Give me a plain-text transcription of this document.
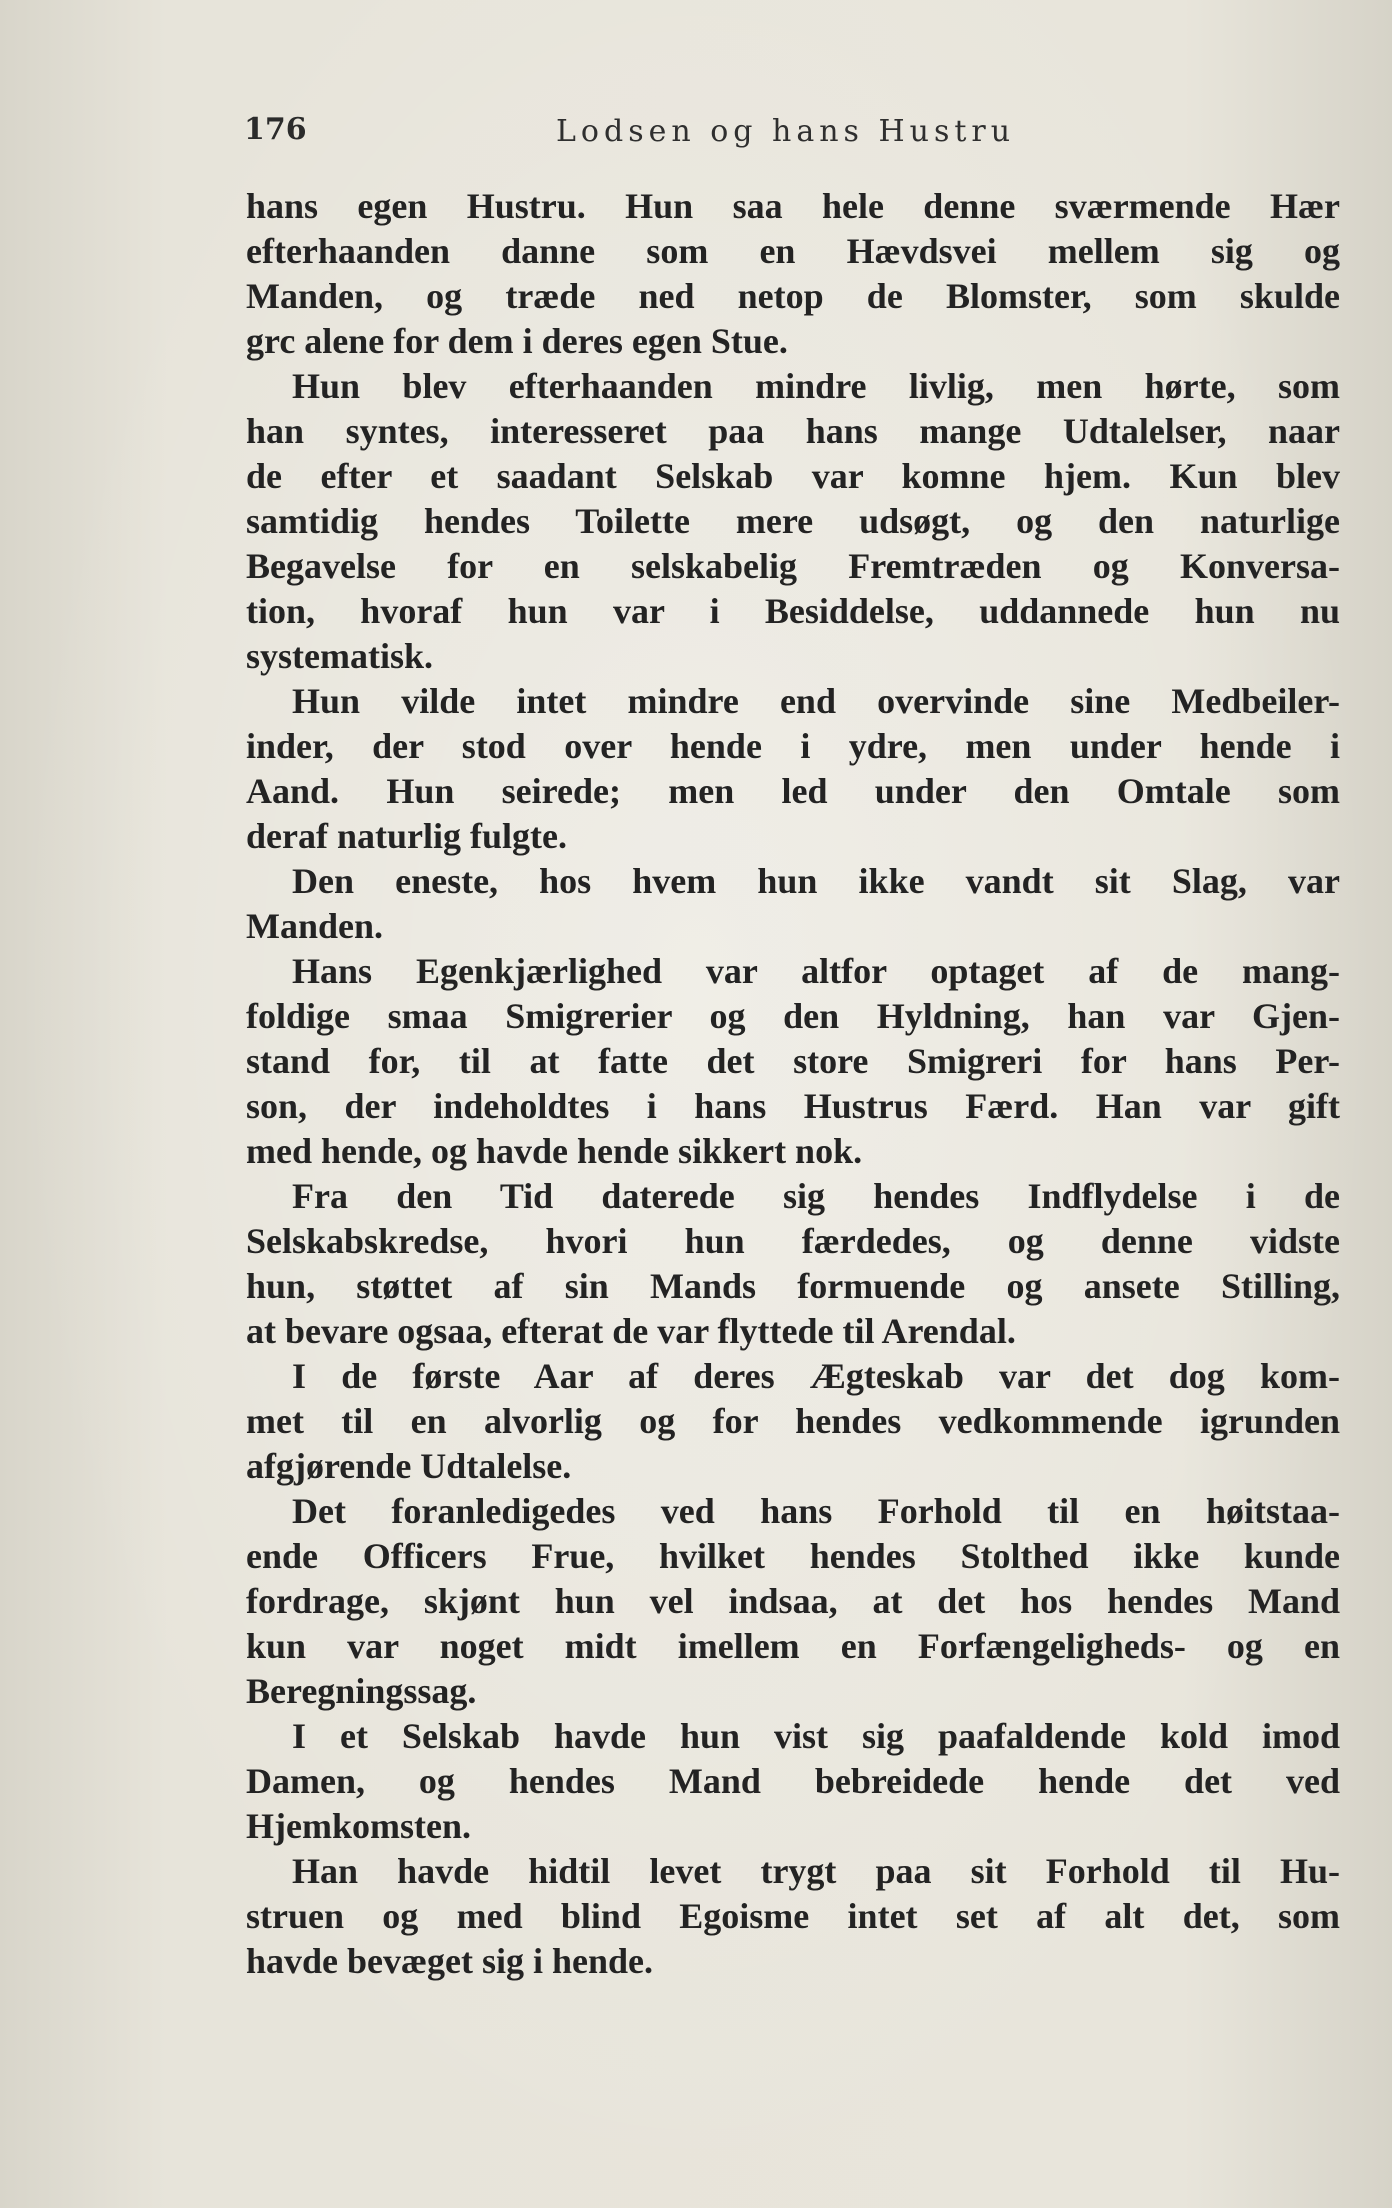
176	Lodsen og hans Hustru
hans egen Hustru. Hun saa hele denne sværmende Hær
efterhaanden danne som en Hævdsvei mellem sig og
Manden, og træde ned netop de Blomster, som skulde
grc alene for dem i deres egen Stue.
Hun blev efterhaanden mindre livlig, men hørte, som
han syntes, interesseret paa hans mange Udtalelser, naar
de efter et saadant Selskab var komne hjem. Kun blev
samtidig hendes Toilette mere udsøgt, og den naturlige
Begavelse for en selskabelig Fremtræden og Konversa-
tion, hvoraf hun var i Besiddelse, uddannede hun nu
systematisk.
Hun vilde intet mindre end overvinde sine Medbeiler-
inder, der stod over hende i ydre, men under hende i
Aand. Hun seirede; men led under den Omtale som
deraf naturlig fulgte.
Den eneste, hos hvem hun ikke vandt sit Slag, var
Manden.
Hans Egenkjærlighed var altfor optaget af de mang-
foldige smaa Smigrerier og den Hyldning, han var Gjen-
stand for, til at fatte det store Smigreri for hans Per-
son, der indeholdtes i hans Hustrus Færd. Han var gift
med hende, og havde hende sikkert nok.
Fra den Tid daterede sig hendes Indflydelse i de
Selskabskredse, hvori hun færdedes, og denne vidste
hun, støttet af sin Mands formuende og ansete Stilling,
at bevare ogsaa, efterat de var flyttede til Arendal.
I de første Aar af deres Ægteskab var det dog kom-
met til en alvorlig og for hendes vedkommende igrunden
afgjørende Udtalelse.
Det foranledigedes ved hans Forhold til en høitstaa-
ende Officers Frue, hvilket hendes Stolthed ikke kunde
fordrage, skjønt hun vel indsaa, at det hos hendes Mand
kun var noget midt imellem en Forfængeligheds- og en
Beregningssag.
I et Selskab havde hun vist sig paafaldende kold imod
Damen, og hendes Mand bebreidede hende det ved
Hjemkomsten.
Han havde hidtil levet trygt paa sit Forhold til Hu-
struen og med blind Egoisme intet set af alt det, som
havde bevæget sig i hende.
